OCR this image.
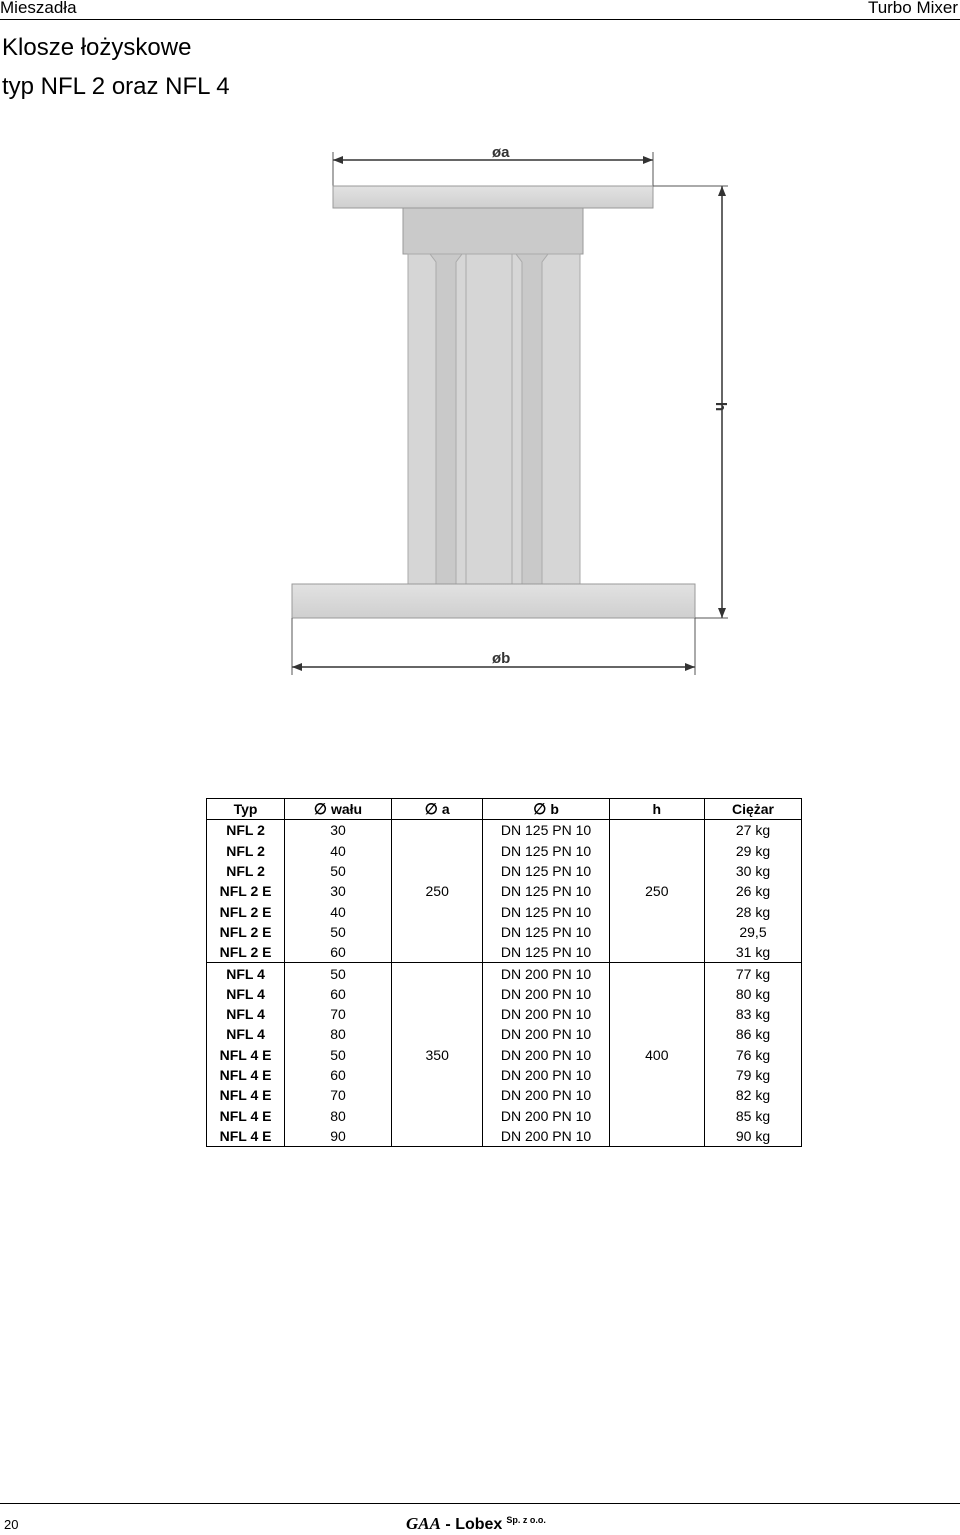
Mieszadła	Turbo Mixer
Klosze łożyskowe
typ NFL 2 oraz NFL 4
øa
h
øb
Typ	∅ wału	∅ a	∅ b	h	Ciężar
NFL 2	30	250	DN 125 PN 10	250	27 kg
NFL 2	40		DN 125 PN 10		29 kg
NFL 2	50		DN 125 PN 10		30 kg
NFL 2 E	30		DN 125 PN 10		26 kg
NFL 2 E	40		DN 125 PN 10		28 kg
NFL 2 E	50		DN 125 PN 10		29,5
NFL 2 E	60		DN 125 PN 10		31 kg
NFL 4	50	350	DN 200 PN 10	400	77 kg
NFL 4	60		DN 200 PN 10		80 kg
NFL 4	70		DN 200 PN 10		83 kg
NFL 4	80		DN 200 PN 10		86 kg
NFL 4 E	50		DN 200 PN 10		76 kg
NFL 4 E	60		DN 200 PN 10		79 kg
NFL 4 E	70		DN 200 PN 10		82 kg
NFL 4 E	80		DN 200 PN 10		85 kg
NFL 4 E	90		DN 200 PN 10		90 kg
20	GAA - Lobex $^{Sp. z o.o.}$
